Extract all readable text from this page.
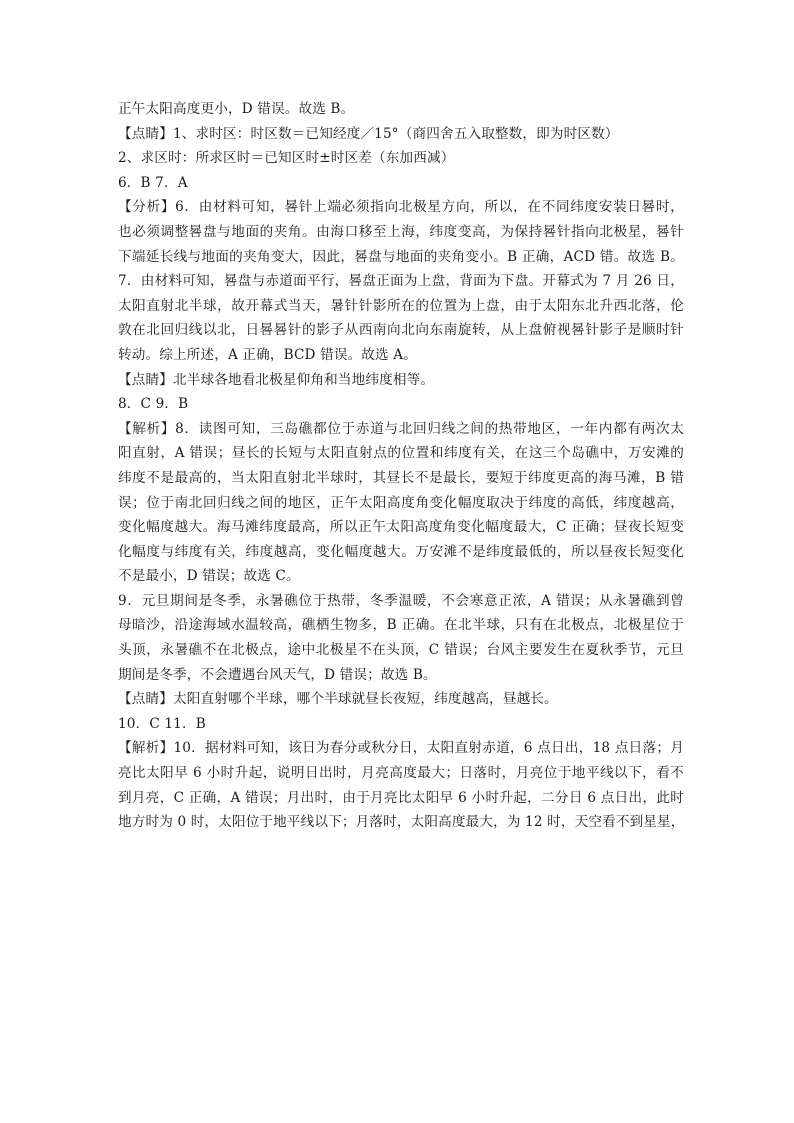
正午太阳高度更小，D 错误。故选 B。
【点睛】1、求时区：时区数＝已知经度／15°（商四舍五入取整数，即为时区数）
2、求区时：所求区时＝已知区时±时区差（东加西减）
6．B 7．A
【分析】6．由材料可知，晷针上端必须指向北极星方向，所以，在不同纬度安装日晷时，
也必须调整晷盘与地面的夹角。由海口移至上海，纬度变高，为保持晷针指向北极星，晷针
下端延长线与地面的夹角变大，因此，晷盘与地面的夹角变小。B 正确，ACD 错。故选 B。
7．由材料可知，晷盘与赤道面平行，晷盘正面为上盘，背面为下盘。开幕式为 7 月 26 日，
太阳直射北半球，故开幕式当天，暑针针影所在的位置为上盘，由于太阳东北升西北落，伦
敦在北回归线以北，日晷晷针的影子从西南向北向东南旋转，从上盘俯视晷针影子是顺时针
转动。综上所述，A 正确，BCD 错误。故选 A。
【点睛】北半球各地看北极星仰角和当地纬度相等。
8．C 9．B
【解析】8．读图可知，三岛礁都位于赤道与北回归线之间的热带地区，一年内都有两次太
阳直射，A 错误；昼长的长短与太阳直射点的位置和纬度有关，在这三个岛礁中，万安滩的
纬度不是最高的，当太阳直射北半球时，其昼长不是最长，要短于纬度更高的海马滩，B 错
误；位于南北回归线之间的地区，正午太阳高度角变化幅度取决于纬度的高低，纬度越高，
变化幅度越大。海马滩纬度最高，所以正午太阳高度角变化幅度最大，C 正确；昼夜长短变
化幅度与纬度有关，纬度越高，变化幅度越大。万安滩不是纬度最低的，所以昼夜长短变化
不是最小，D 错误；故选 C。
9．元旦期间是冬季，永暑礁位于热带，冬季温暖，不会寒意正浓，A 错误；从永暑礁到曾
母暗沙，沿途海域水温较高，礁栖生物多，B 正确。在北半球，只有在北极点，北极星位于
头顶，永暑礁不在北极点，途中北极星不在头顶，C 错误；台风主要发生在夏秋季节，元旦
期间是冬季，不会遭遇台风天气，D 错误；故选 B。
【点睛】太阳直射哪个半球，哪个半球就昼长夜短，纬度越高，昼越长。
10．C 11．B
【解析】10．据材料可知，该日为春分或秋分日，太阳直射赤道，6 点日出，18 点日落；月
亮比太阳早 6 小时升起，说明日出时，月亮高度最大；日落时，月亮位于地平线以下，看不
到月亮，C 正确，A 错误；月出时，由于月亮比太阳早 6 小时升起，二分日 6 点日出，此时
地方时为 0 时，太阳位于地平线以下；月落时，太阳高度最大，为 12 时，天空看不到星星，
